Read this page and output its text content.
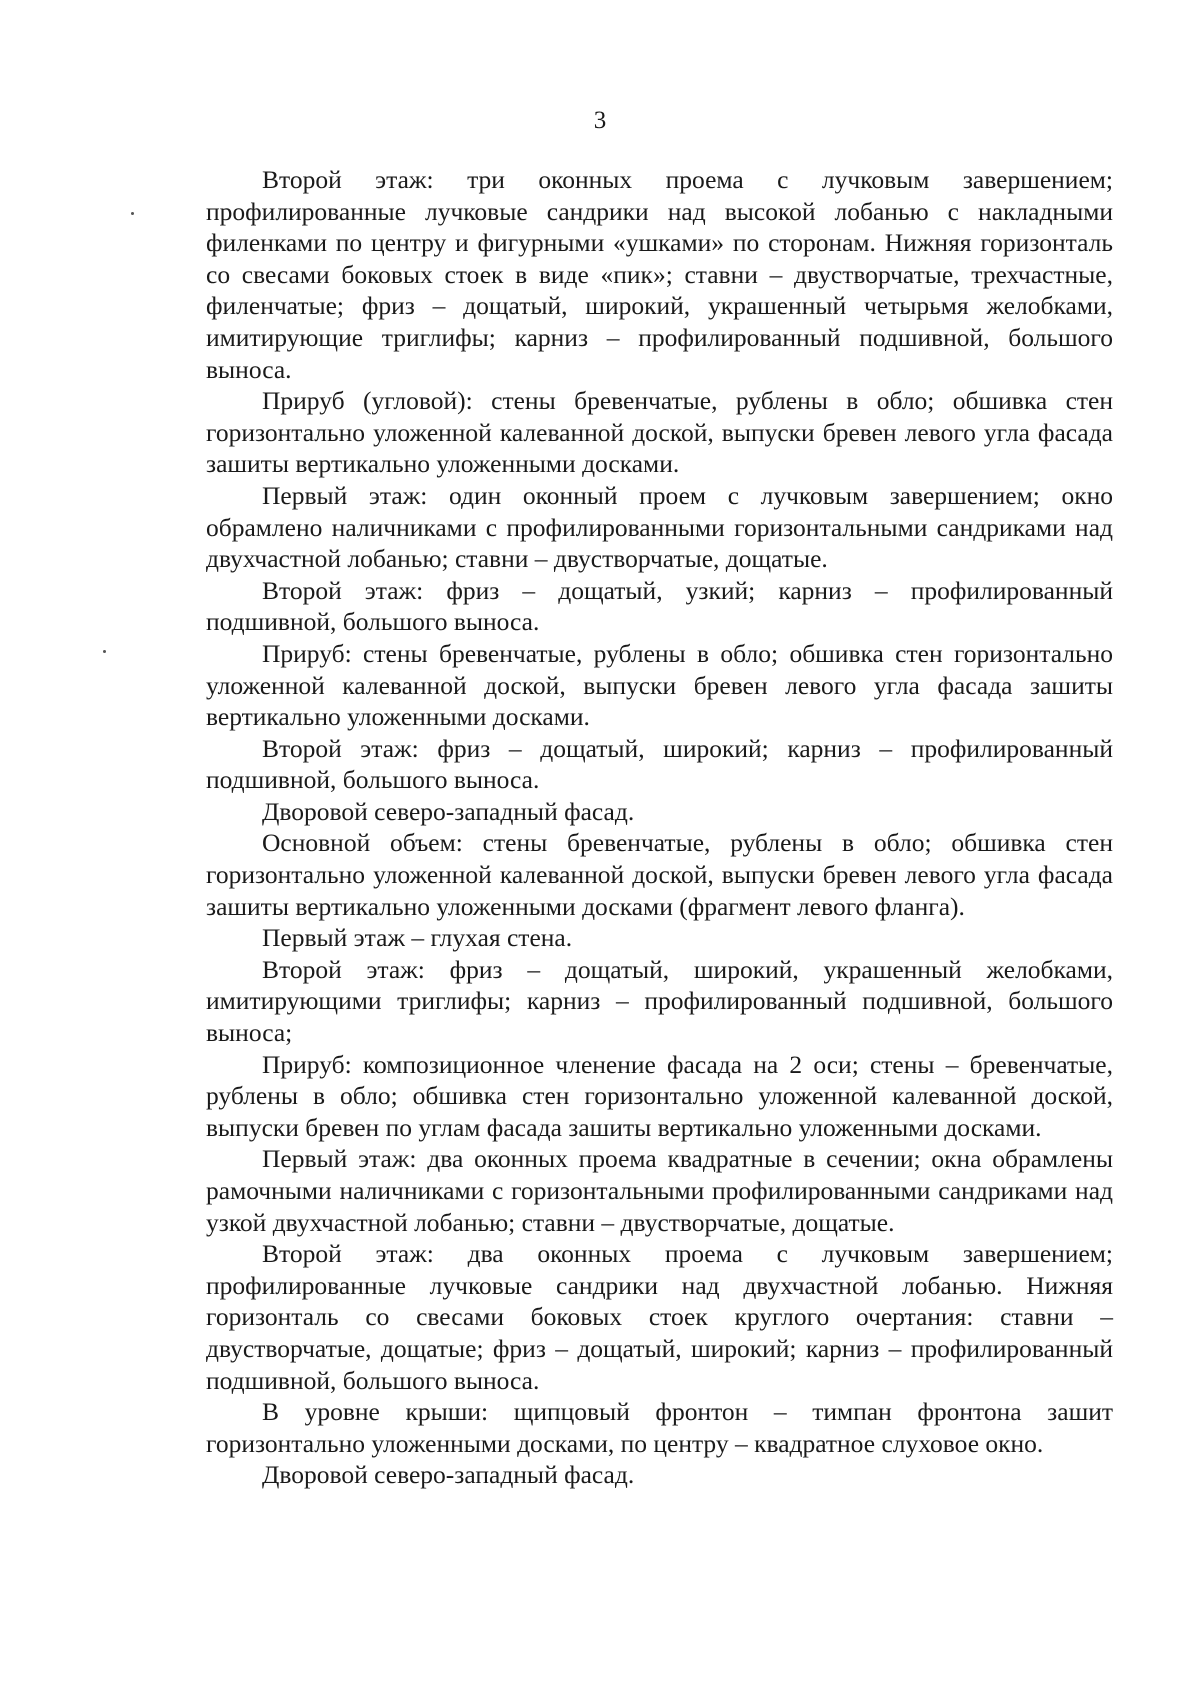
3

Второй этаж: три оконных проема с лучковым завершением; профилированные лучковые сандрики над высокой лобанью с накладными филенками по центру и фигурными «ушками» по сторонам. Нижняя горизонталь со свесами боковых стоек в виде «пик»; ставни – двустворчатые, трехчастные, филенчатые; фриз – дощатый, широкий, украшенный четырьмя желобками, имитирующие триглифы; карниз – профилированный подшивной, большого выноса.

Прируб (угловой): стены бревенчатые, рублены в обло; обшивка стен горизонтально уложенной калеванной доской, выпуски бревен левого угла фасада зашиты вертикально уложенными досками.

Первый этаж: один оконный проем с лучковым завершением; окно обрамлено наличниками с профилированными горизонтальными сандриками над двухчастной лобанью; ставни – двустворчатые, дощатые.

Второй этаж: фриз – дощатый, узкий; карниз – профилированный подшивной, большого выноса.

Прируб: стены бревенчатые, рублены в обло; обшивка стен горизонтально уложенной калеванной доской, выпуски бревен левого угла фасада зашиты вертикально уложенными досками.

Второй этаж: фриз – дощатый, широкий; карниз – профилированный подшивной, большого выноса.

Дворовой северо-западный фасад.

Основной объем: стены бревенчатые, рублены в обло; обшивка стен горизонтально уложенной калеванной доской, выпуски бревен левого угла фасада зашиты вертикально уложенными досками (фрагмент левого фланга).

Первый этаж – глухая стена.

Второй этаж: фриз – дощатый, широкий, украшенный желобками, имитирующими триглифы; карниз – профилированный подшивной, большого выноса;

Прируб: композиционное членение фасада на 2 оси; стены – бревенчатые, рублены в обло; обшивка стен горизонтально уложенной калеванной доской, выпуски бревен по углам фасада зашиты вертикально уложенными досками.

Первый этаж: два оконных проема квадратные в сечении; окна обрамлены рамочными наличниками с горизонтальными профилированными сандриками над узкой двухчастной лобанью; ставни – двустворчатые, дощатые.

Второй этаж: два оконных проема с лучковым завершением; профилированные лучковые сандрики над двухчастной лобанью. Нижняя горизонталь со свесами боковых стоек круглого очертания: ставни – двустворчатые, дощатые; фриз – дощатый, широкий; карниз – профилированный подшивной, большого выноса.

В уровне крыши: щипцовый фронтон – тимпан фронтона зашит горизонтально уложенными досками, по центру – квадратное слуховое окно.

Дворовой северо-западный фасад.
